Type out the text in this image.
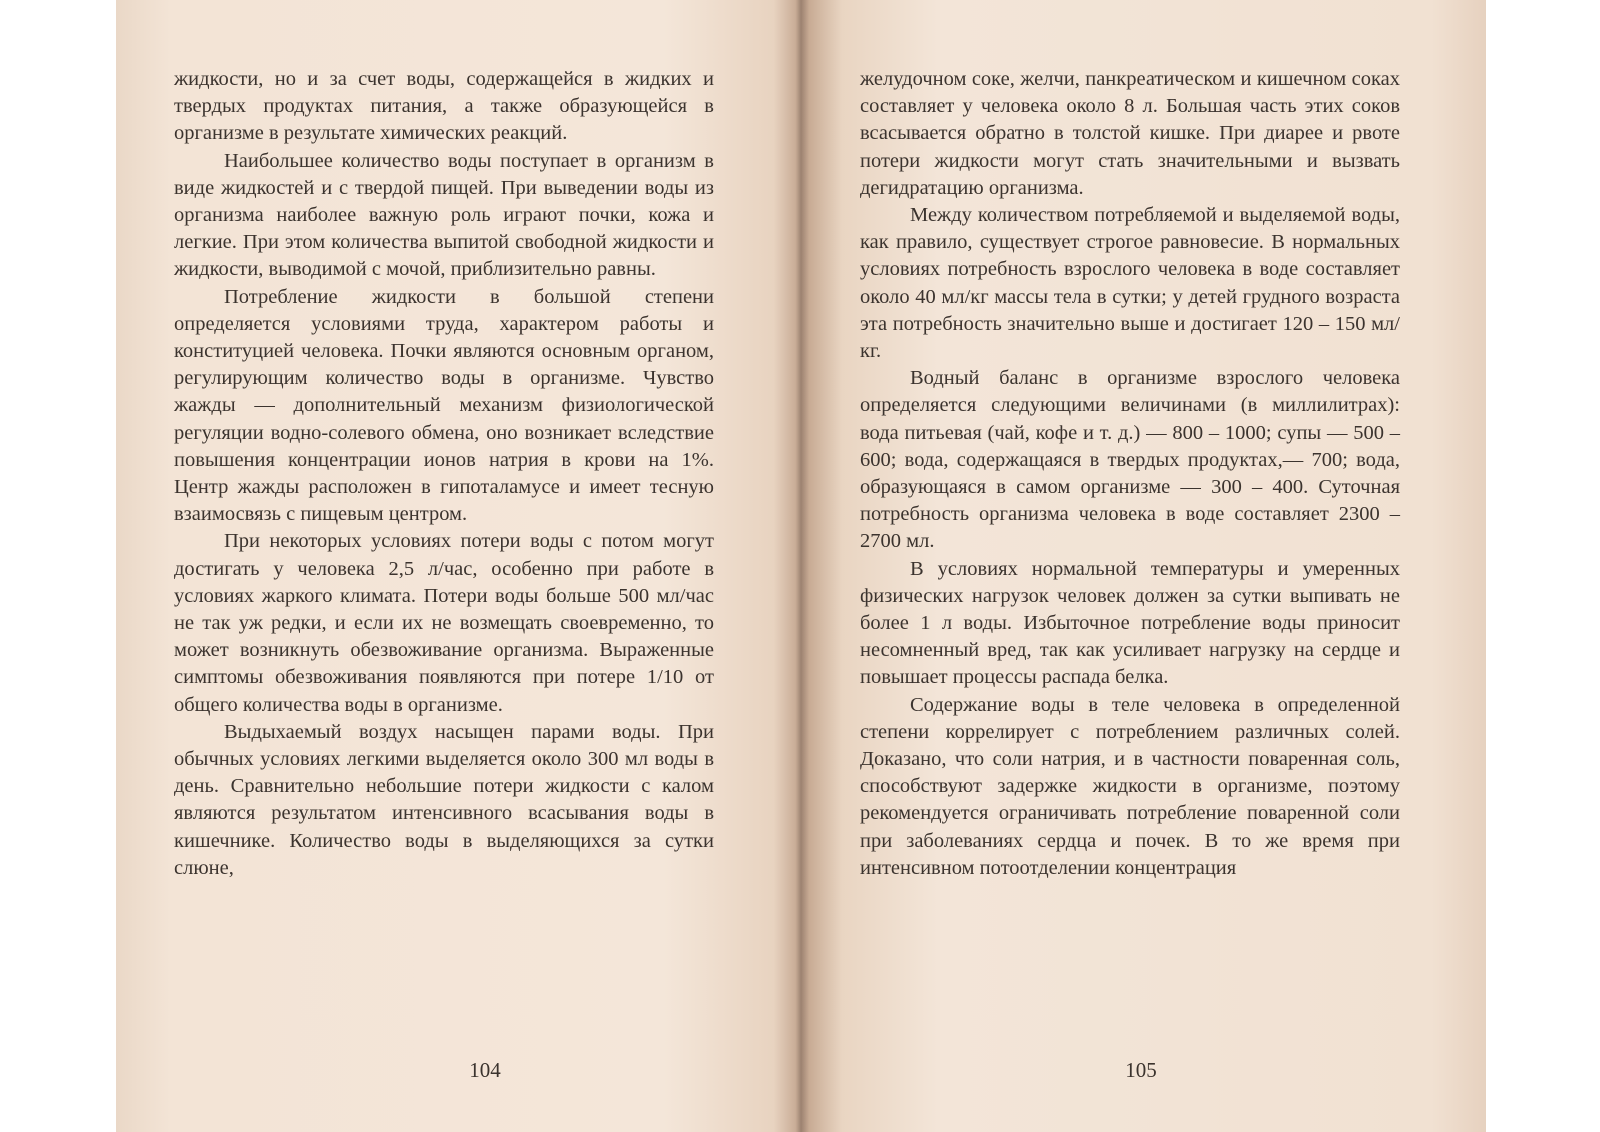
жидкости, но и за счет воды, содержащейся в жидких и твердых продуктах питания, а также образующейся в организме в результате химических реакций.

Наибольшее количество воды поступает в организм в виде жидкостей и с твердой пищей. При выведении воды из организма наиболее важную роль играют почки, кожа и легкие. При этом количества выпитой свободной жидкости и жидкости, выводимой с мочой, приблизительно равны.

Потребление жидкости в большой степени определяется условиями труда, характером работы и конституцией человека. Почки являются основным органом, регулирующим количество воды в организме. Чувство жажды — дополнительный механизм физиологической регуляции водно-солевого обмена, оно возникает вследствие повышения концентрации ионов натрия в крови на 1%. Центр жажды расположен в гипоталамусе и имеет тесную взаимосвязь с пищевым центром.

При некоторых условиях потери воды с потом могут достигать у человека 2,5 л/час, особенно при работе в условиях жаркого климата. Потери воды больше 500 мл/час не так уж редки, и если их не возмещать своевременно, то может возникнуть обезвоживание организма. Выраженные симптомы обезвоживания появляются при потере 1/10 от общего количества воды в организме.

Выдыхаемый воздух насыщен парами воды. При обычных условиях легкими выделяется около 300 мл воды в день. Сравнительно небольшие потери жидкости с калом являются результатом интенсивного всасывания воды в кишечнике. Количество воды в выделяющихся за сутки слюне,

104

желудочном соке, желчи, панкреатическом и кишечном соках составляет у человека около 8 л. Большая часть этих соков всасывается обратно в толстой кишке. При диарее и рвоте потери жидкости могут стать значительными и вызвать дегидратацию организма.

Между количеством потребляемой и выделяемой воды, как правило, существует строгое равновесие. В нормальных условиях потребность взрослого человека в воде составляет около 40 мл/кг массы тела в сутки; у детей грудного возраста эта потребность значительно выше и достигает 120 – 150 мл/кг.

Водный баланс в организме взрослого человека определяется следующими величинами (в миллилитрах): вода питьевая (чай, кофе и т. д.) — 800 – 1000; супы — 500 – 600; вода, содержащаяся в твердых продуктах,— 700; вода, образующаяся в самом организме — 300 – 400. Суточная потребность организма человека в воде составляет 2300 – 2700 мл.

В условиях нормальной температуры и умеренных физических нагрузок человек должен за сутки выпивать не более 1 л воды. Избыточное потребление воды приносит несомненный вред, так как усиливает нагрузку на сердце и повышает процессы распада белка.

Содержание воды в теле человека в определенной степени коррелирует с потреблением различных солей. Доказано, что соли натрия, и в частности поваренная соль, способствуют задержке жидкости в организме, поэтому рекомендуется ограничивать потребление поваренной соли при заболеваниях сердца и почек. В то же время при интенсивном потоотделении концентрация

105
